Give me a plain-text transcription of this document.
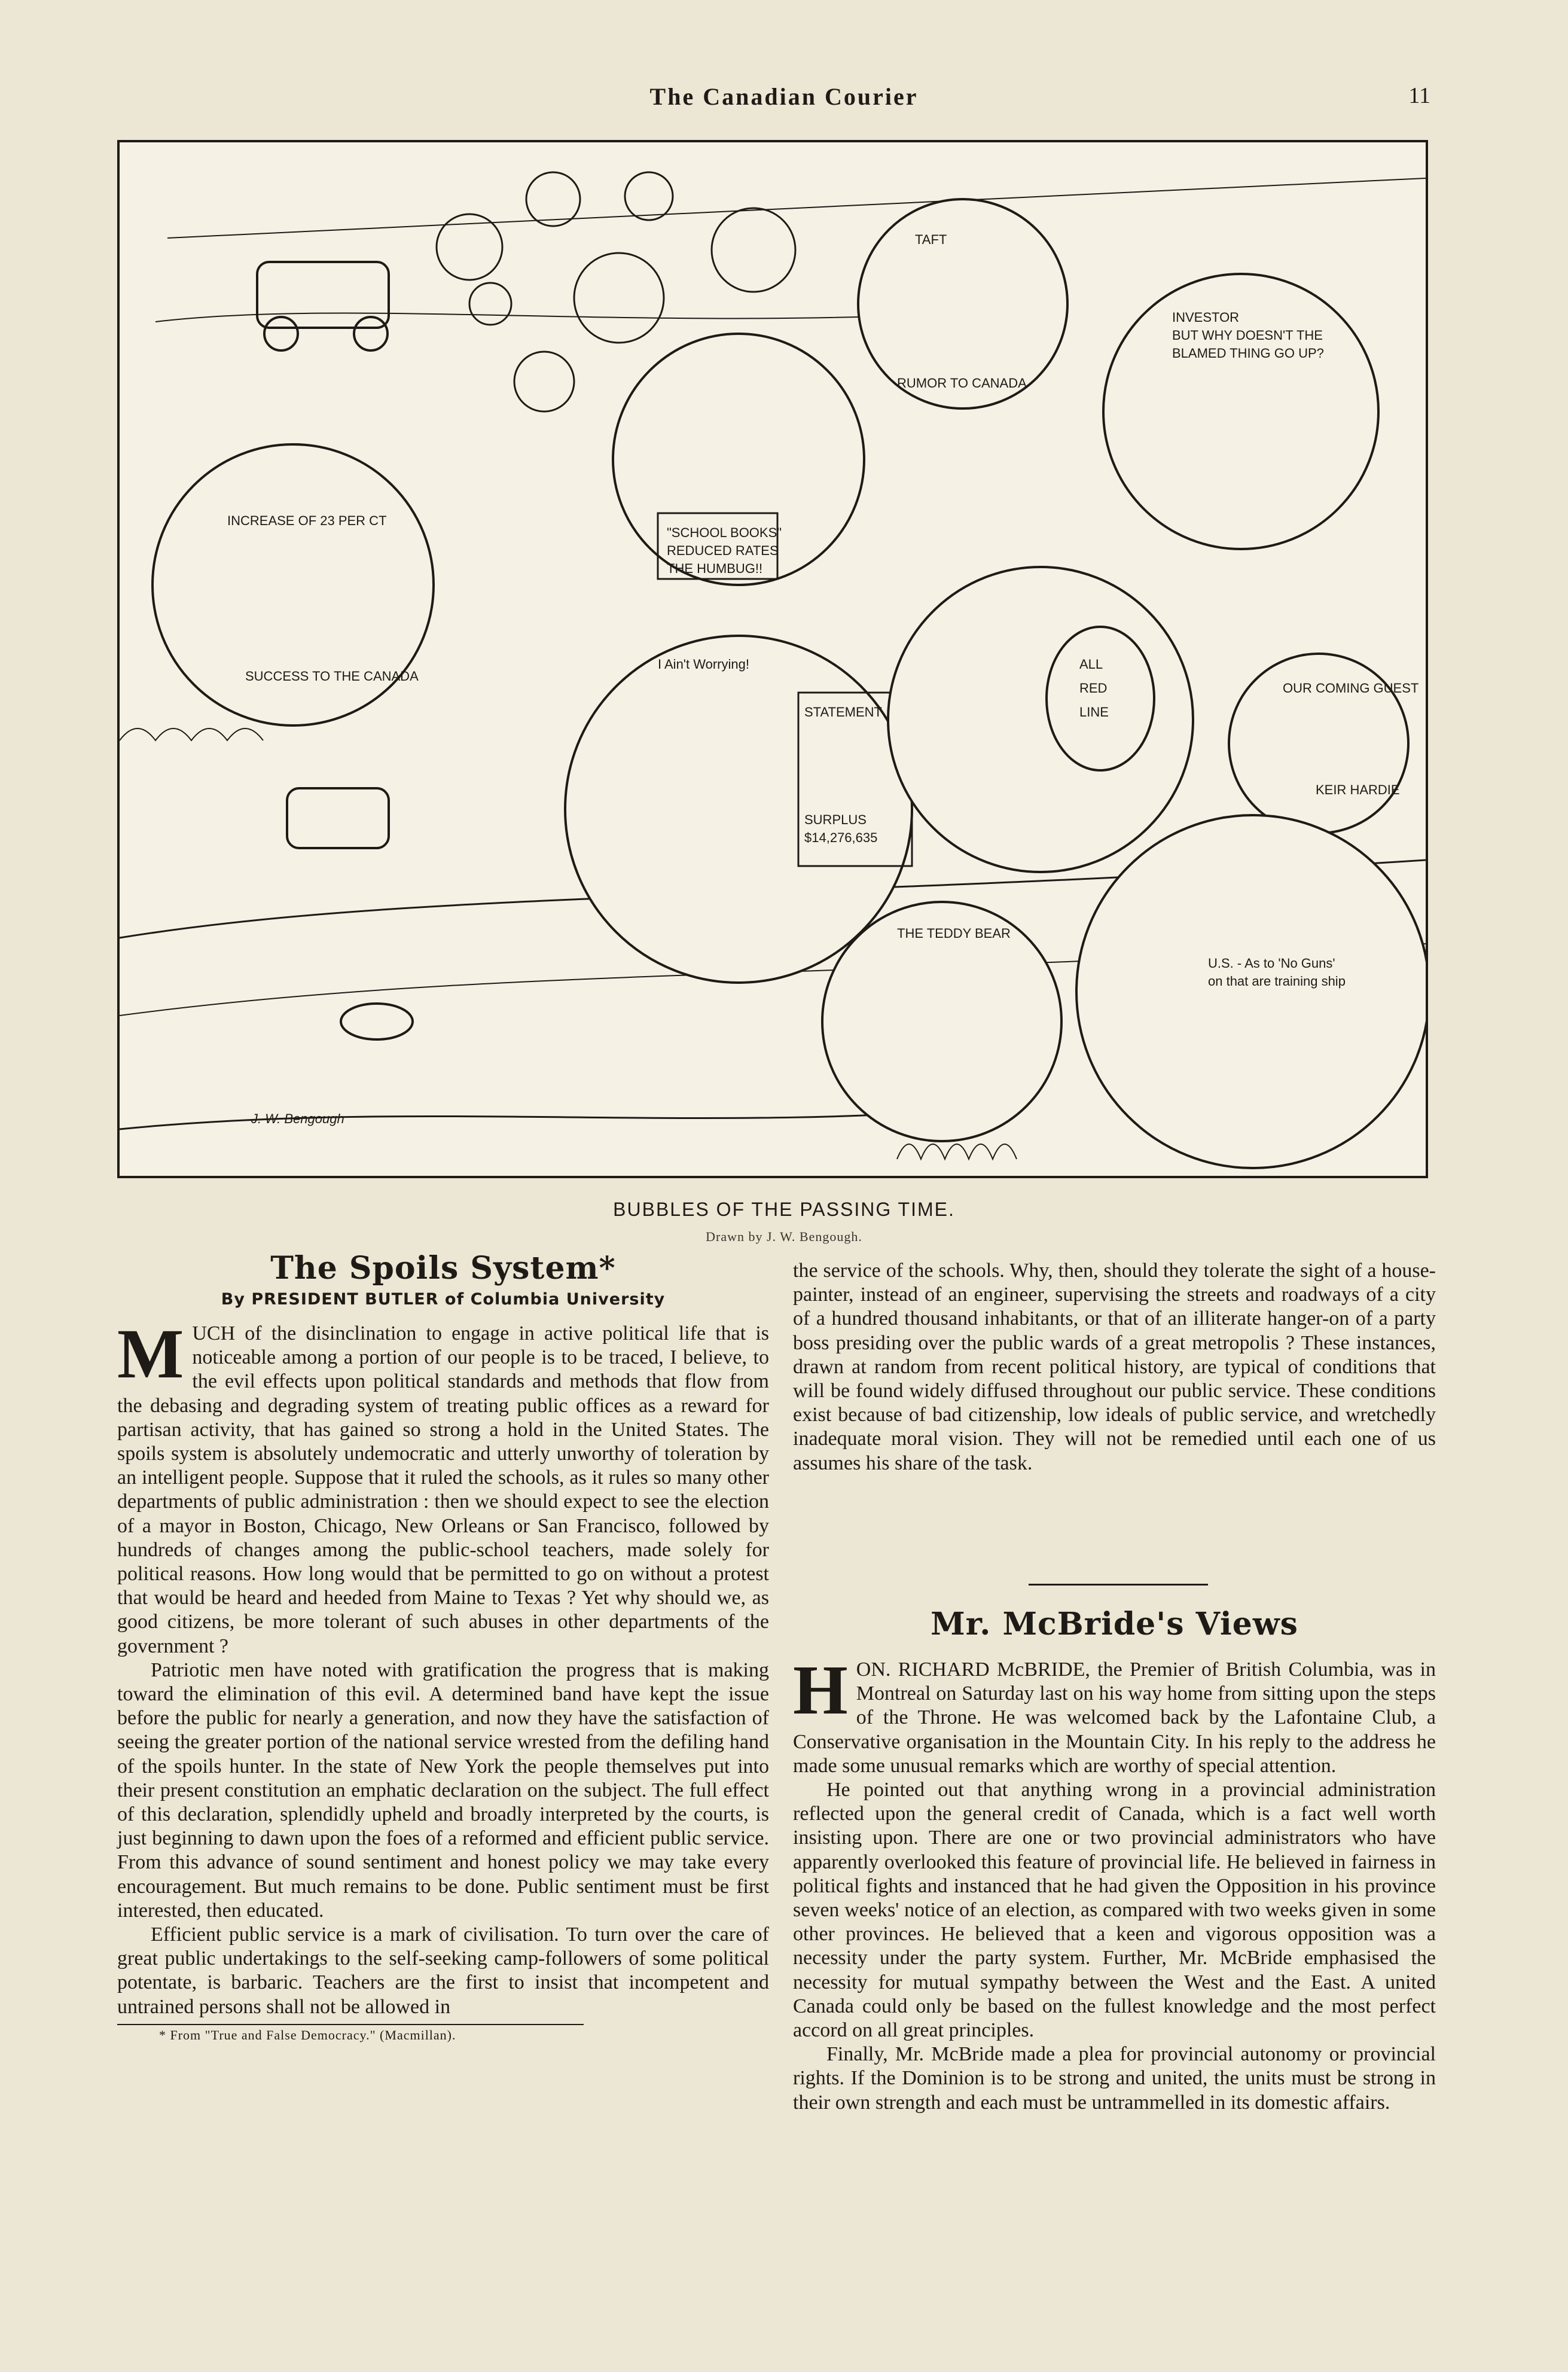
The Canadian Courier	11
INCREASE OF 23 PER CT
SUCCESS TO THE CANADA
"SCHOOL BOOKS"
REDUCED RATES
THE HUMBUG!!
TAFT
RUMOR TO CANADA
INVESTOR
BUT WHY DOESN'T THE
BLAMED THING GO UP?
STATEMENT
SURPLUS
$14,276,635
I Ain't Worrying!	ALL
RED
LINE
OUR COMING GUEST
KEIR HARDIE
THE TEDDY BEAR
U.S. - As to 'No Guns'
on that are training ship
J. W. Bengough
BUBBLES OF THE PASSING TIME.
Drawn by J. W. Bengough.
The Spoils System*
By PRESIDENT BUTLER of Columbia University

MUCH of the disinclination to engage in active political life that is noticeable among a portion of our people is to be traced, I believe, to the evil effects upon political standards and methods that flow from the debasing and degrading system of treating public offices as a reward for partisan activity, that has gained so strong a hold in the United States. The spoils system is absolutely undemocratic and utterly unworthy of toleration by an intelligent people. Suppose that it ruled the schools, as it rules so many other departments of public administration : then we should expect to see the election of a mayor in Boston, Chicago, New Orleans or San Francisco, followed by hundreds of changes among the public-school teachers, made solely for political reasons. How long would that be permitted to go on without a protest that would be heard and heeded from Maine to Texas ? Yet why should we, as good citizens, be more tolerant of such abuses in other departments of the government ?

Patriotic men have noted with gratification the progress that is making toward the elimination of this evil. A determined band have kept the issue before the public for nearly a generation, and now they have the satisfaction of seeing the greater portion of the national service wrested from the defiling hand of the spoils hunter. In the state of New York the people themselves put into their present constitution an emphatic declaration on the subject. The full effect of this declaration, splendidly upheld and broadly interpreted by the courts, is just beginning to dawn upon the foes of a reformed and efficient public service. From this advance of sound sentiment and honest policy we may take every encouragement. But much remains to be done. Public sentiment must be first interested, then educated.

Efficient public service is a mark of civilisation. To turn over the care of great public undertakings to the self-seeking camp-followers of some political potentate, is barbaric. Teachers are the first to insist that incompetent and untrained persons shall not be allowed in

* From "True and False Democracy." (Macmillan).

the service of the schools. Why, then, should they tolerate the sight of a house-painter, instead of an engineer, supervising the streets and roadways of a city of a hundred thousand inhabitants, or that of an illiterate hanger-on of a party boss presiding over the public wards of a great metropolis ? These instances, drawn at random from recent political history, are typical of conditions that will be found widely diffused throughout our public service. These conditions exist because of bad citizenship, low ideals of public service, and wretchedly inadequate moral vision. They will not be remedied until each one of us assumes his share of the task.

Mr. McBride's Views

HON. RICHARD McBRIDE, the Premier of British Columbia, was in Montreal on Saturday last on his way home from sitting upon the steps of the Throne. He was welcomed back by the Lafontaine Club, a Conservative organisation in the Mountain City. In his reply to the address he made some unusual remarks which are worthy of special attention.

He pointed out that anything wrong in a provincial administration reflected upon the general credit of Canada, which is a fact well worth insisting upon. There are one or two provincial administrators who have apparently overlooked this feature of provincial life. He believed in fairness in political fights and instanced that he had given the Opposition in his province seven weeks' notice of an election, as compared with two weeks given in some other provinces. He believed that a keen and vigorous opposition was a necessity under the party system. Further, Mr. McBride emphasised the necessity for mutual sympathy between the West and the East. A united Canada could only be based on the fullest knowledge and the most perfect accord on all great principles.

Finally, Mr. McBride made a plea for provincial autonomy or provincial rights. If the Dominion is to be strong and united, the units must be strong in their own strength and each must be untrammelled in its domestic affairs.
